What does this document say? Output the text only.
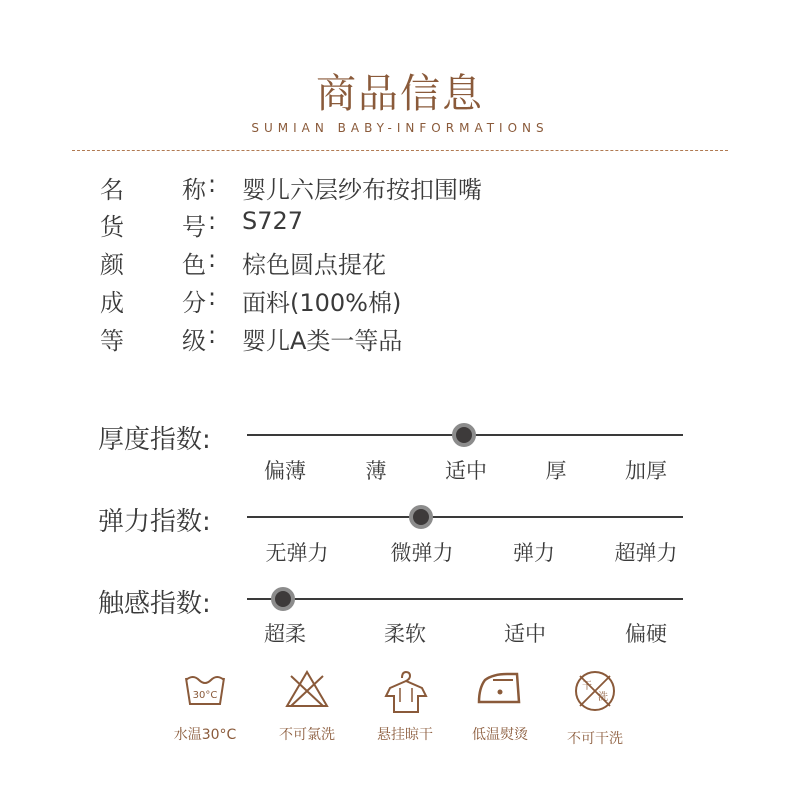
商品信息
SUMIAN BABY-INFORMATIONS
名 称 : 婴儿六层纱布按扣围嘴
货 号 : S727
颜 色 : 棕色圆点提花
成 分 : 面料(100%棉)
等 级 : 婴儿A类一等品
厚度指数:
偏薄	薄	适中	厚	加厚
弹力指数:
无弹力	微弹力	弹力	超弹力
触感指数:
超柔	柔软	适中	偏硬
30°C
水温30°C	不可氯洗	悬挂晾干	低温熨烫
干
洗
不可干洗
